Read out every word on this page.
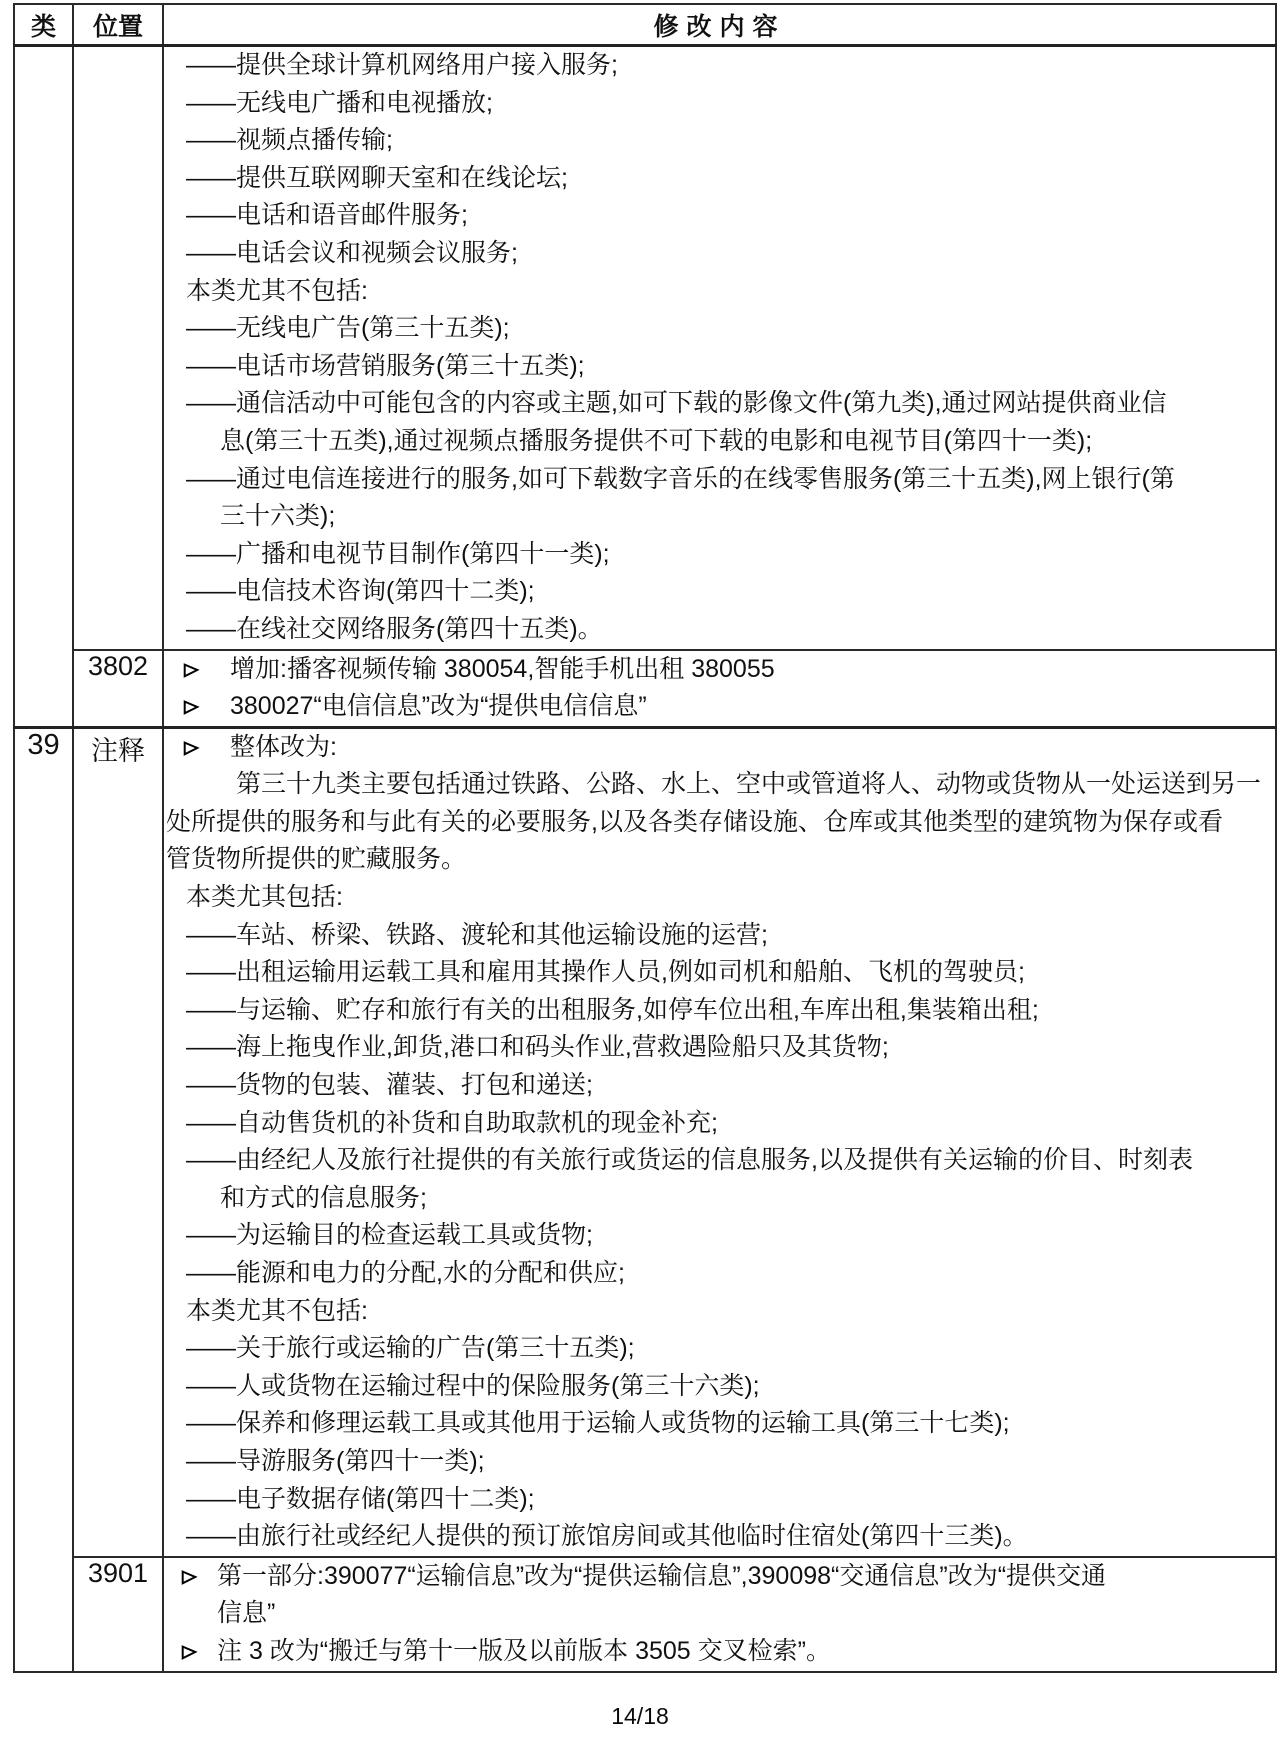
类	位置	修改内容

——提供全球计算机网络用户接入服务;
——无线电广播和电视播放;
——视频点播传输;
——提供互联网聊天室和在线论坛;
——电话和语音邮件服务;
——电话会议和视频会议服务;
本类尤其不包括:
——无线电广告(第三十五类);
——电话市场营销服务(第三十五类);
——通信活动中可能包含的内容或主题,如可下载的影像文件(第九类),通过网站提供商业信
息(第三十五类),通过视频点播服务提供不可下载的电影和电视节目(第四十一类);
——通过电信连接进行的服务,如可下载数字音乐的在线零售服务(第三十五类),网上银行(第
三十六类);
——广播和电视节目制作(第四十一类);
——电信技术咨询(第四十二类);
——在线社交网络服务(第四十五类)。

	3802	增加:播客视频传输 380054,智能手机出租 380055
380027“电信信息”改为“提供电信信息”

39	注释	整体改为:
第三十九类主要包括通过铁路、公路、水上、空中或管道将人、动物或货物从一处运送到另一
处所提供的服务和与此有关的必要服务,以及各类存储设施、仓库或其他类型的建筑物为保存或看
管货物所提供的贮藏服务。
本类尤其包括:
——车站、桥梁、铁路、渡轮和其他运输设施的运营;
——出租运输用运载工具和雇用其操作人员,例如司机和船舶、飞机的驾驶员;
——与运输、贮存和旅行有关的出租服务,如停车位出租,车库出租,集装箱出租;
——海上拖曳作业,卸货,港口和码头作业,营救遇险船只及其货物;
——货物的包装、灌装、打包和递送;
——自动售货机的补货和自助取款机的现金补充;
——由经纪人及旅行社提供的有关旅行或货运的信息服务,以及提供有关运输的价目、时刻表
和方式的信息服务;
——为运输目的检查运载工具或货物;
——能源和电力的分配,水的分配和供应;
本类尤其不包括:
——关于旅行或运输的广告(第三十五类);
——人或货物在运输过程中的保险服务(第三十六类);
——保养和修理运载工具或其他用于运输人或货物的运输工具(第三十七类);
——导游服务(第四十一类);
——电子数据存储(第四十二类);
——由旅行社或经纪人提供的预订旅馆房间或其他临时住宿处(第四十三类)。

	3901	第一部分:390077“运输信息”改为“提供运输信息”,390098“交通信息”改为“提供交通
信息”
注 3 改为“搬迁与第十一版及以前版本 3505 交叉检索”。
14/18
